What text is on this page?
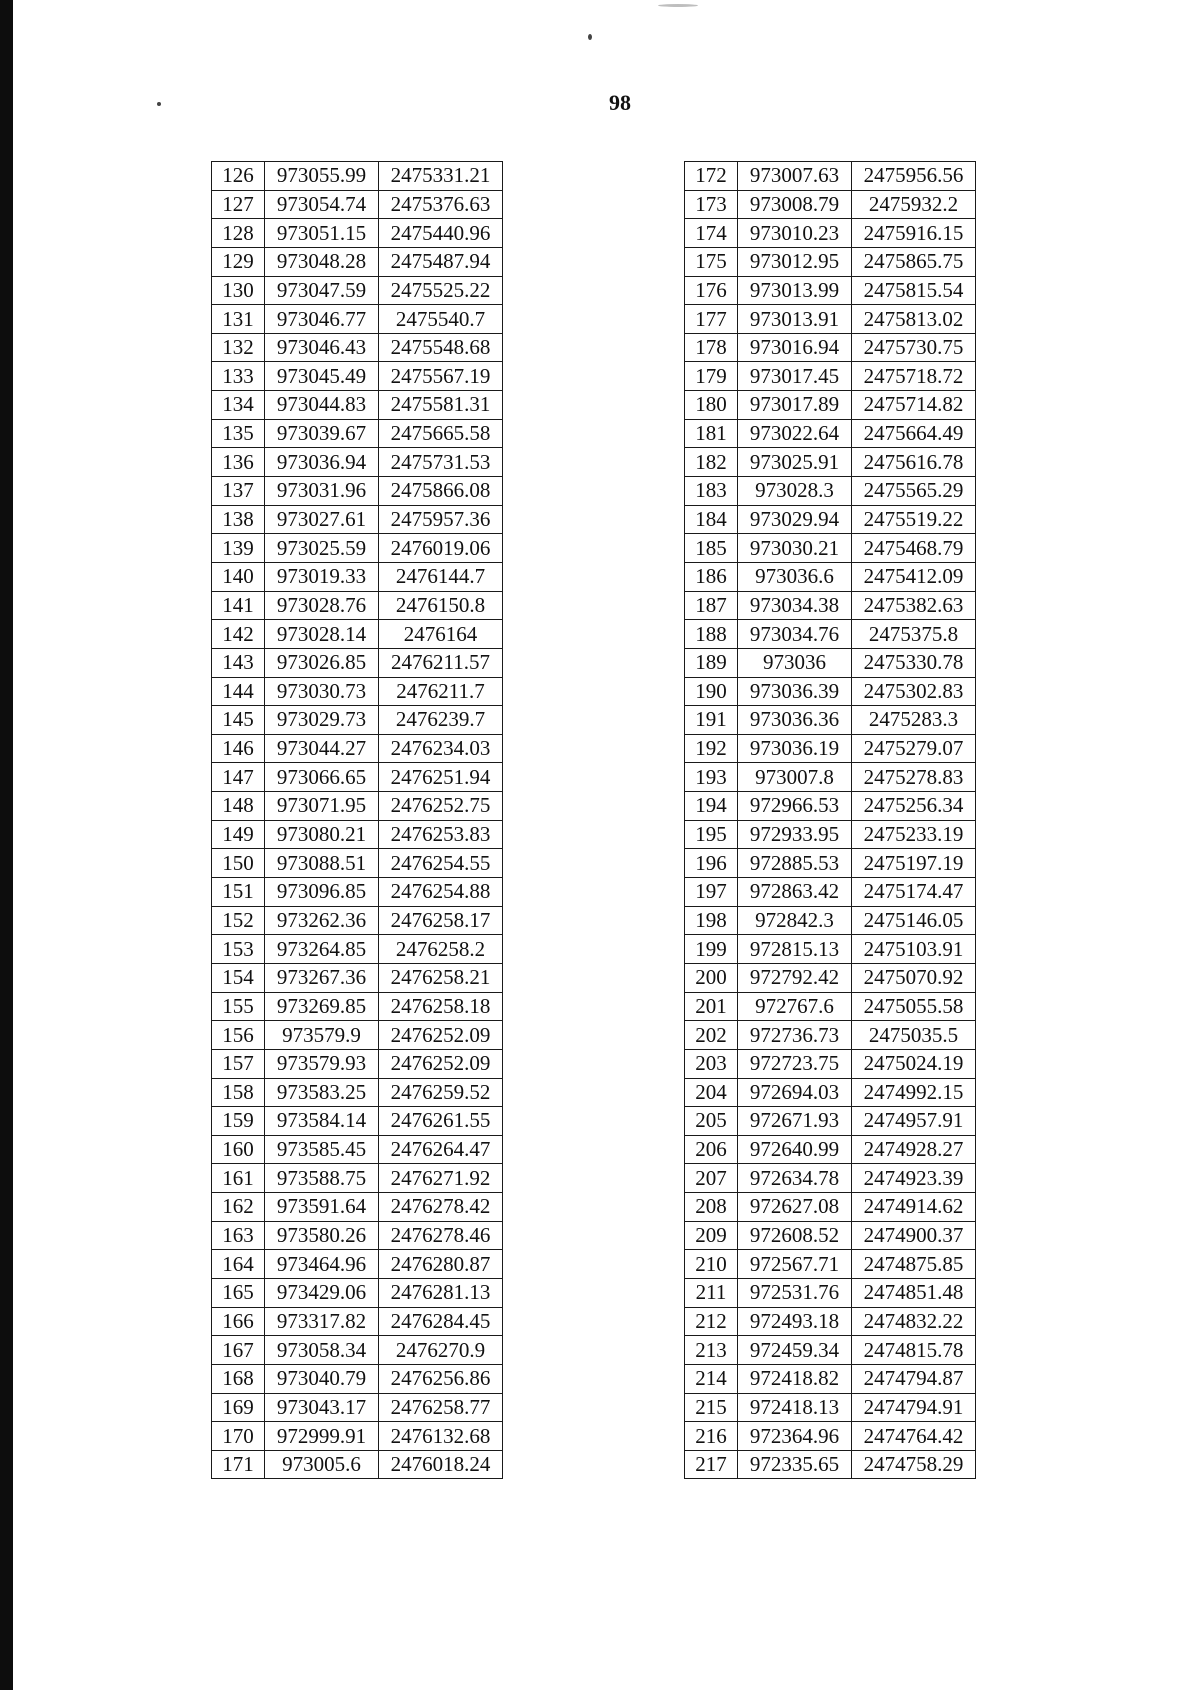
98
126	973055.99	2475331.21
127	973054.74	2475376.63
128	973051.15	2475440.96
129	973048.28	2475487.94
130	973047.59	2475525.22
131	973046.77	2475540.7
132	973046.43	2475548.68
133	973045.49	2475567.19
134	973044.83	2475581.31
135	973039.67	2475665.58
136	973036.94	2475731.53
137	973031.96	2475866.08
138	973027.61	2475957.36
139	973025.59	2476019.06
140	973019.33	2476144.7
141	973028.76	2476150.8
142	973028.14	2476164
143	973026.85	2476211.57
144	973030.73	2476211.7
145	973029.73	2476239.7
146	973044.27	2476234.03
147	973066.65	2476251.94
148	973071.95	2476252.75
149	973080.21	2476253.83
150	973088.51	2476254.55
151	973096.85	2476254.88
152	973262.36	2476258.17
153	973264.85	2476258.2
154	973267.36	2476258.21
155	973269.85	2476258.18
156	973579.9	2476252.09
157	973579.93	2476252.09
158	973583.25	2476259.52
159	973584.14	2476261.55
160	973585.45	2476264.47
161	973588.75	2476271.92
162	973591.64	2476278.42
163	973580.26	2476278.46
164	973464.96	2476280.87
165	973429.06	2476281.13
166	973317.82	2476284.45
167	973058.34	2476270.9
168	973040.79	2476256.86
169	973043.17	2476258.77
170	972999.91	2476132.68
171	973005.6	2476018.24
172	973007.63	2475956.56
173	973008.79	2475932.2
174	973010.23	2475916.15
175	973012.95	2475865.75
176	973013.99	2475815.54
177	973013.91	2475813.02
178	973016.94	2475730.75
179	973017.45	2475718.72
180	973017.89	2475714.82
181	973022.64	2475664.49
182	973025.91	2475616.78
183	973028.3	2475565.29
184	973029.94	2475519.22
185	973030.21	2475468.79
186	973036.6	2475412.09
187	973034.38	2475382.63
188	973034.76	2475375.8
189	973036	2475330.78
190	973036.39	2475302.83
191	973036.36	2475283.3
192	973036.19	2475279.07
193	973007.8	2475278.83
194	972966.53	2475256.34
195	972933.95	2475233.19
196	972885.53	2475197.19
197	972863.42	2475174.47
198	972842.3	2475146.05
199	972815.13	2475103.91
200	972792.42	2475070.92
201	972767.6	2475055.58
202	972736.73	2475035.5
203	972723.75	2475024.19
204	972694.03	2474992.15
205	972671.93	2474957.91
206	972640.99	2474928.27
207	972634.78	2474923.39
208	972627.08	2474914.62
209	972608.52	2474900.37
210	972567.71	2474875.85
211	972531.76	2474851.48
212	972493.18	2474832.22
213	972459.34	2474815.78
214	972418.82	2474794.87
215	972418.13	2474794.91
216	972364.96	2474764.42
217	972335.65	2474758.29
